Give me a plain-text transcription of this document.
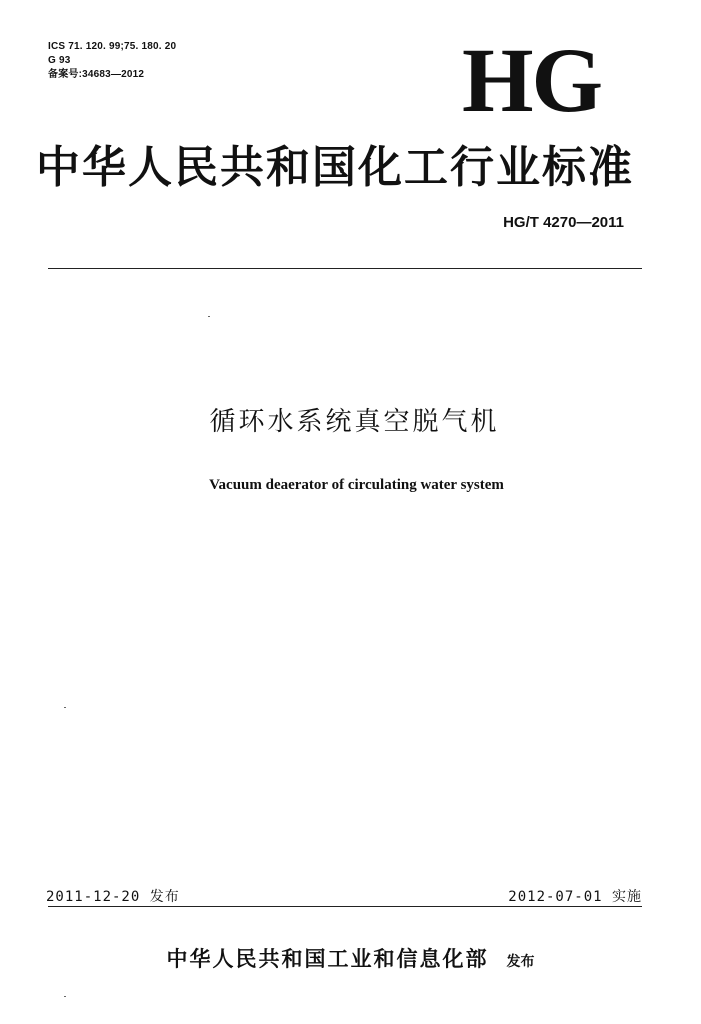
ICS 71. 120. 99;75. 180. 20
G 93
备案号:34683—2012	HG
中华人民共和国化工行业标准
HG/T 4270—2011
循环水系统真空脱气机
Vacuum deaerator of circulating water system
2011-12-20 发布	2012-07-01 实施
中华人民共和国工业和信息化部 发布
